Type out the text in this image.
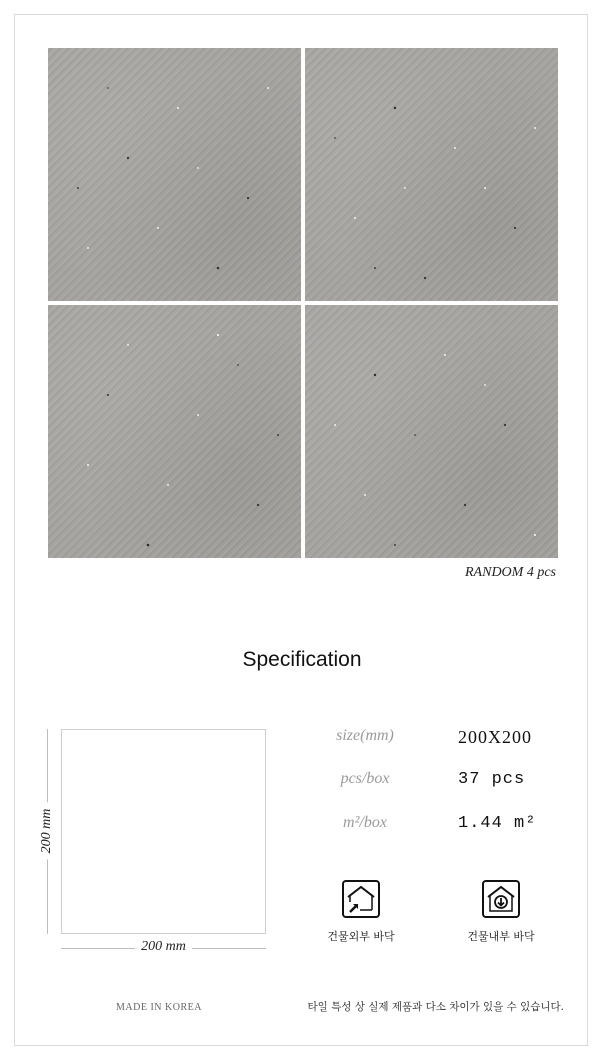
RANDOM 4 pcs
Specification
200 mm
200 mm
size(mm)	200X200
pcs/box	37 pcs
m²/box	1.44 m²
건물외부 바닥	건물내부 바닥
MADE IN KOREA	타일 특성 상 실제 제품과 다소 차이가 있을 수 있습니다.
